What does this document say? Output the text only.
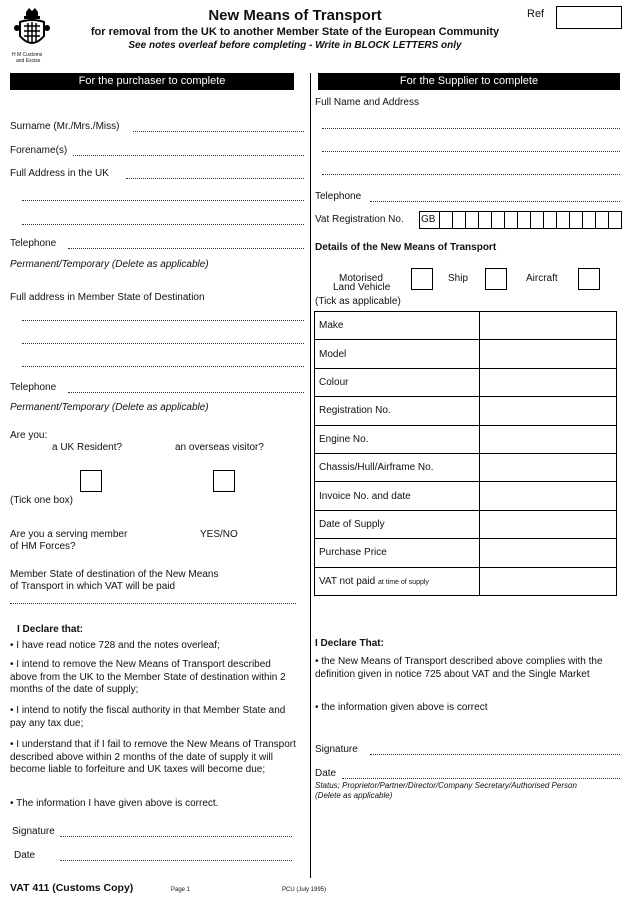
H M Customs
and Excise
New Means of Transport
for removal from the UK to another Member State of the European Community
See notes overleaf before completing - Write in BLOCK LETTERS only
Ref
For the purchaser to complete	For the Supplier to complete
Surname (Mr./Mrs./Miss)
Forename(s)
Full Address in the UK
Telephone
Permanent/Temporary (Delete as applicable)
Full address in Member State of Destination
Telephone
Permanent/Temporary (Delete as applicable)
Are you:
a UK Resident?	an overseas visitor?
(Tick one box)
Are you a serving member
of HM Forces?
YES/NO
Member State of destination of the New Means
of Transport in which VAT will be paid
I Declare that:
• I have read notice 728 and the notes overleaf;
• I intend to remove the New Means of Transport described above from the UK to the Member State of destination within 2 months of the date of supply;
• I intend to notify the fiscal authority in that Member State and pay any tax due;
• I understand that if I fail to remove the New Means of Transport described above within 2 months of the date of supply it will become liable to forfeiture and UK taxes will become due;
• The information I have given above is correct.
Signature
Date
Full Name and Address
Telephone
Vat Registration No. GB
Details of the New Means of Transport
Motorised
Land Vehicle
Ship	Aircraft
(Tick as applicable)
Make	
Model	
Colour	
Registration No.	
Engine No.	
Chassis/Hull/Airframe No.	
Invoice No. and date	
Date of Supply	
Purchase Price	
VAT not paid at time of supply	
I Declare That:
• the New Means of Transport described above complies with the definition given in notice 725 about VAT and the Single Market
• the information given above is correct
Signature
Date
Status; Proprietor/Partner/Director/Company Secretary/Authorised Person
(Delete as applicable)
VAT 411 (Customs Copy)	Page 1	PCU (July 1995)
